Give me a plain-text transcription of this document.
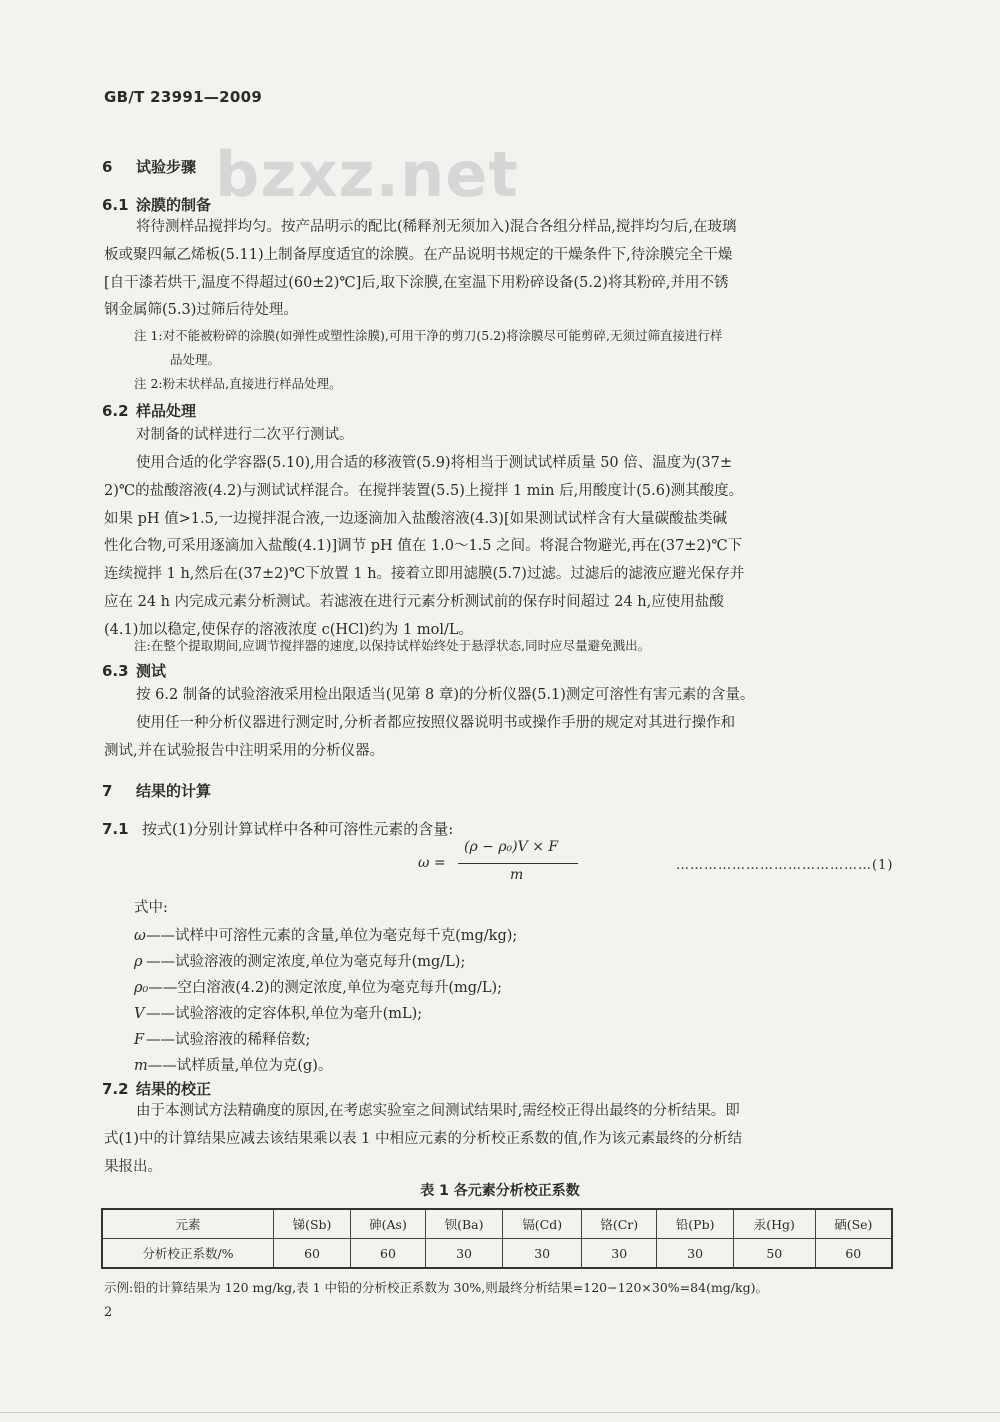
GB/T 23991—2009
bzxz.net
6 试验步骤
6.1 涂膜的制备
将待测样品搅拌均匀。按产品明示的配比(稀释剂无须加入)混合各组分样品,搅拌均匀后,在玻璃
板或聚四氟乙烯板(5.11)上制备厚度适宜的涂膜。在产品说明书规定的干燥条件下,待涂膜完全干燥
[自干漆若烘干,温度不得超过(60±2)℃]后,取下涂膜,在室温下用粉碎设备(5.2)将其粉碎,并用不锈
钢金属筛(5.3)过筛后待处理。
注 1:对不能被粉碎的涂膜(如弹性或塑性涂膜),可用干净的剪刀(5.2)将涂膜尽可能剪碎,无须过筛直接进行样
品处理。
注 2:粉末状样品,直接进行样品处理。
6.2 样品处理
对制备的试样进行二次平行测试。
使用合适的化学容器(5.10),用合适的移液管(5.9)将相当于测试试样质量 50 倍、温度为(37±
2)℃的盐酸溶液(4.2)与测试试样混合。在搅拌装置(5.5)上搅拌 1 min 后,用酸度计(5.6)测其酸度。
如果 pH 值>1.5,一边搅拌混合液,一边逐滴加入盐酸溶液(4.3)[如果测试试样含有大量碳酸盐类碱
性化合物,可采用逐滴加入盐酸(4.1)]调节 pH 值在 1.0～1.5 之间。将混合物避光,再在(37±2)℃下
连续搅拌 1 h,然后在(37±2)℃下放置 1 h。接着立即用滤膜(5.7)过滤。过滤后的滤液应避光保存并
应在 24 h 内完成元素分析测试。若滤液在进行元素分析测试前的保存时间超过 24 h,应使用盐酸
(4.1)加以稳定,使保存的溶液浓度 c(HCl)约为 1 mol/L。
注:在整个提取期间,应调节搅拌器的速度,以保持试样始终处于悬浮状态,同时应尽量避免溅出。
6.3 测试
按 6.2 制备的试验溶液采用检出限适当(见第 8 章)的分析仪器(5.1)测定可溶性有害元素的含量。
使用任一种分析仪器进行测定时,分析者都应按照仪器说明书或操作手册的规定对其进行操作和
测试,并在试验报告中注明采用的分析仪器。
7 结果的计算
7.1 按式(1)分别计算试样中各种可溶性元素的含量:
ω =
(ρ − ρ₀)V × F
m
……………………………………(1)
式中:
ω——试样中可溶性元素的含量,单位为毫克每千克(mg/kg);
ρ ——试验溶液的测定浓度,单位为毫克每升(mg/L);
ρ₀——空白溶液(4.2)的测定浓度,单位为毫克每升(mg/L);
V ——试验溶液的定容体积,单位为毫升(mL);
F ——试验溶液的稀释倍数;
m——试样质量,单位为克(g)。
7.2 结果的校正
由于本测试方法精确度的原因,在考虑实验室之间测试结果时,需经校正得出最终的分析结果。即
式(1)中的计算结果应减去该结果乘以表 1 中相应元素的分析校正系数的值,作为该元素最终的分析结
果报出。
表 1 各元素分析校正系数
元素	锑(Sb)	砷(As)	钡(Ba)	镉(Cd)	铬(Cr)	铅(Pb)	汞(Hg)	硒(Se)
分析校正系数/%	60	60	30	30	30	30	50	60
示例:铅的计算结果为 120 mg/kg,表 1 中铅的分析校正系数为 30%,则最终分析结果=120−120×30%=84(mg/kg)。
2
